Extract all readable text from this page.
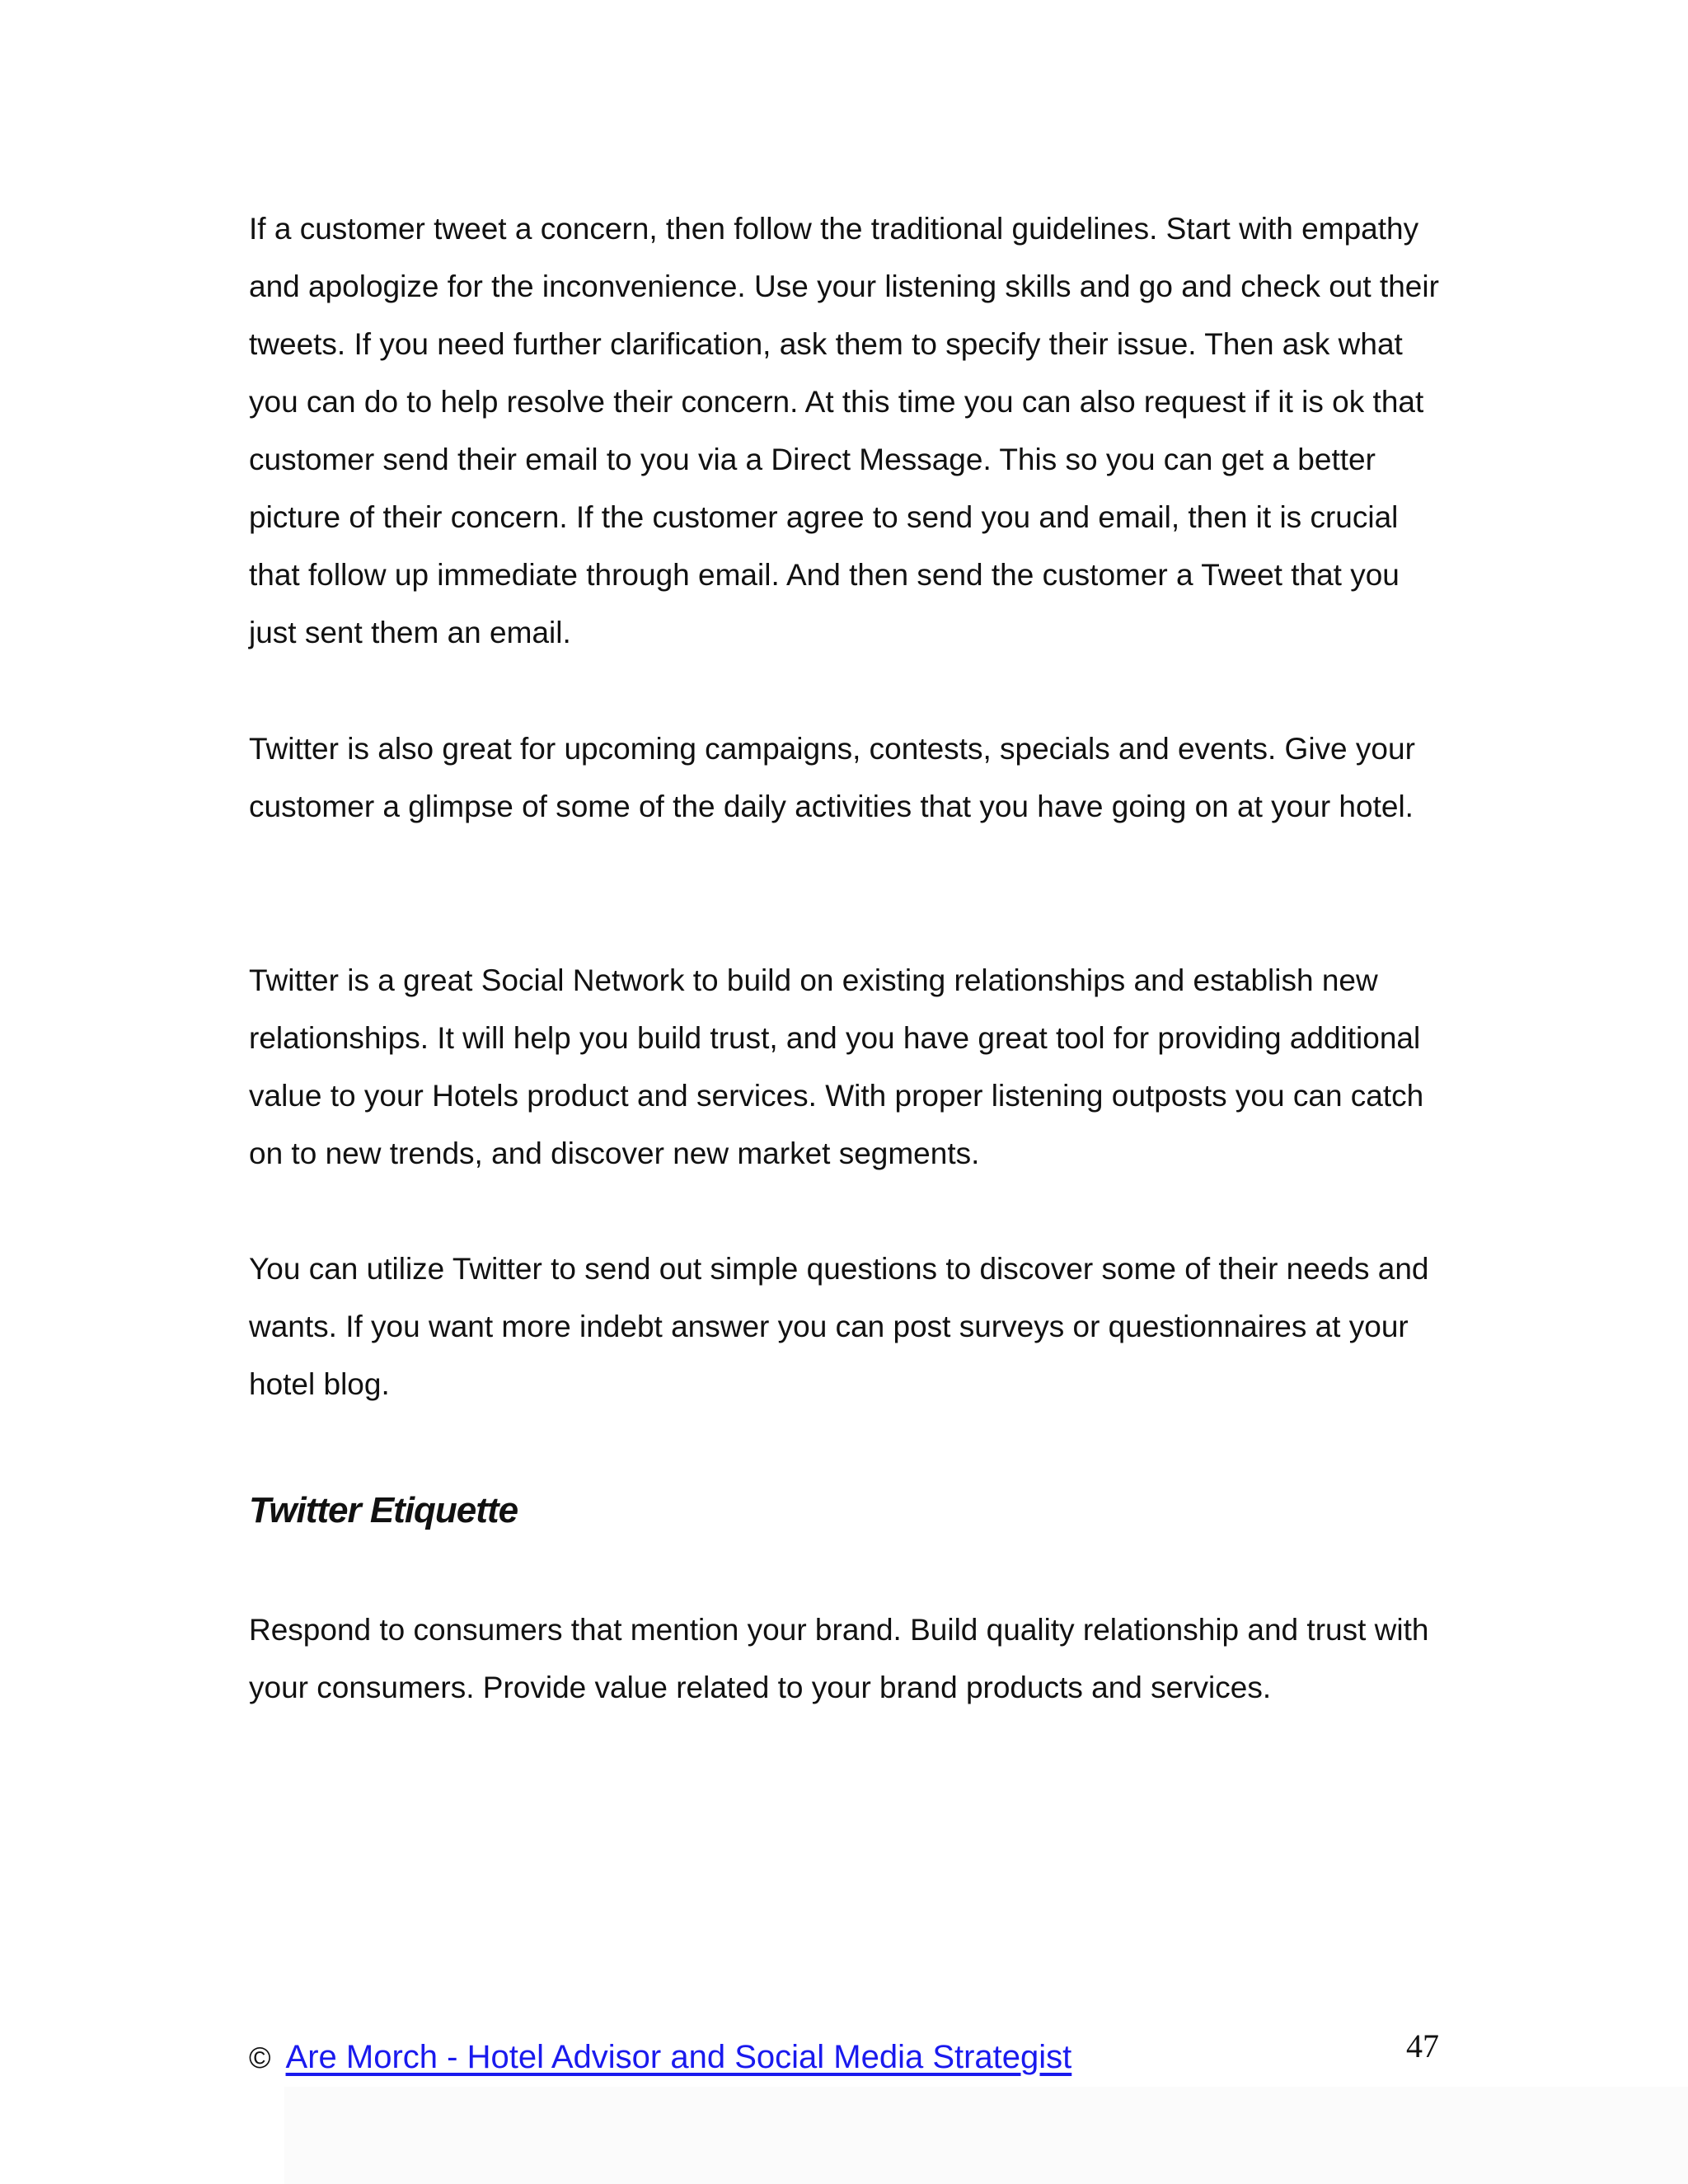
If a customer tweet a concern, then follow the traditional guidelines. Start with empathy and apologize for the inconvenience. Use your listening skills and go and check out their tweets. If you need further clarification, ask them to specify their issue. Then ask what you can do to help resolve their concern. At this time you can also request if it is ok that customer send their email to you via a Direct Message. This so you can get a better picture of their concern. If the customer agree to send you and email, then it is crucial that follow up immediate through email. And then send the customer a Tweet that you just sent them an email.

Twitter is also great for upcoming campaigns, contests, specials and events. Give your customer a glimpse of some of the daily activities that you have going on at your hotel.

Twitter is a great Social Network to build on existing relationships and establish new relationships. It will help you build trust, and you have great tool for providing additional value to your Hotels product and services. With proper listening outposts you can catch on to new trends, and discover new market segments.

You can utilize Twitter to send out simple questions to discover some of their needs and wants. If you want more indebt answer you can post surveys or questionnaires at your hotel blog.

Twitter Etiquette

Respond to consumers that mention your brand. Build quality relationship and trust with your consumers. Provide value related to your brand products and services.

© Are Morch - Hotel Advisor and Social Media Strategist	47
